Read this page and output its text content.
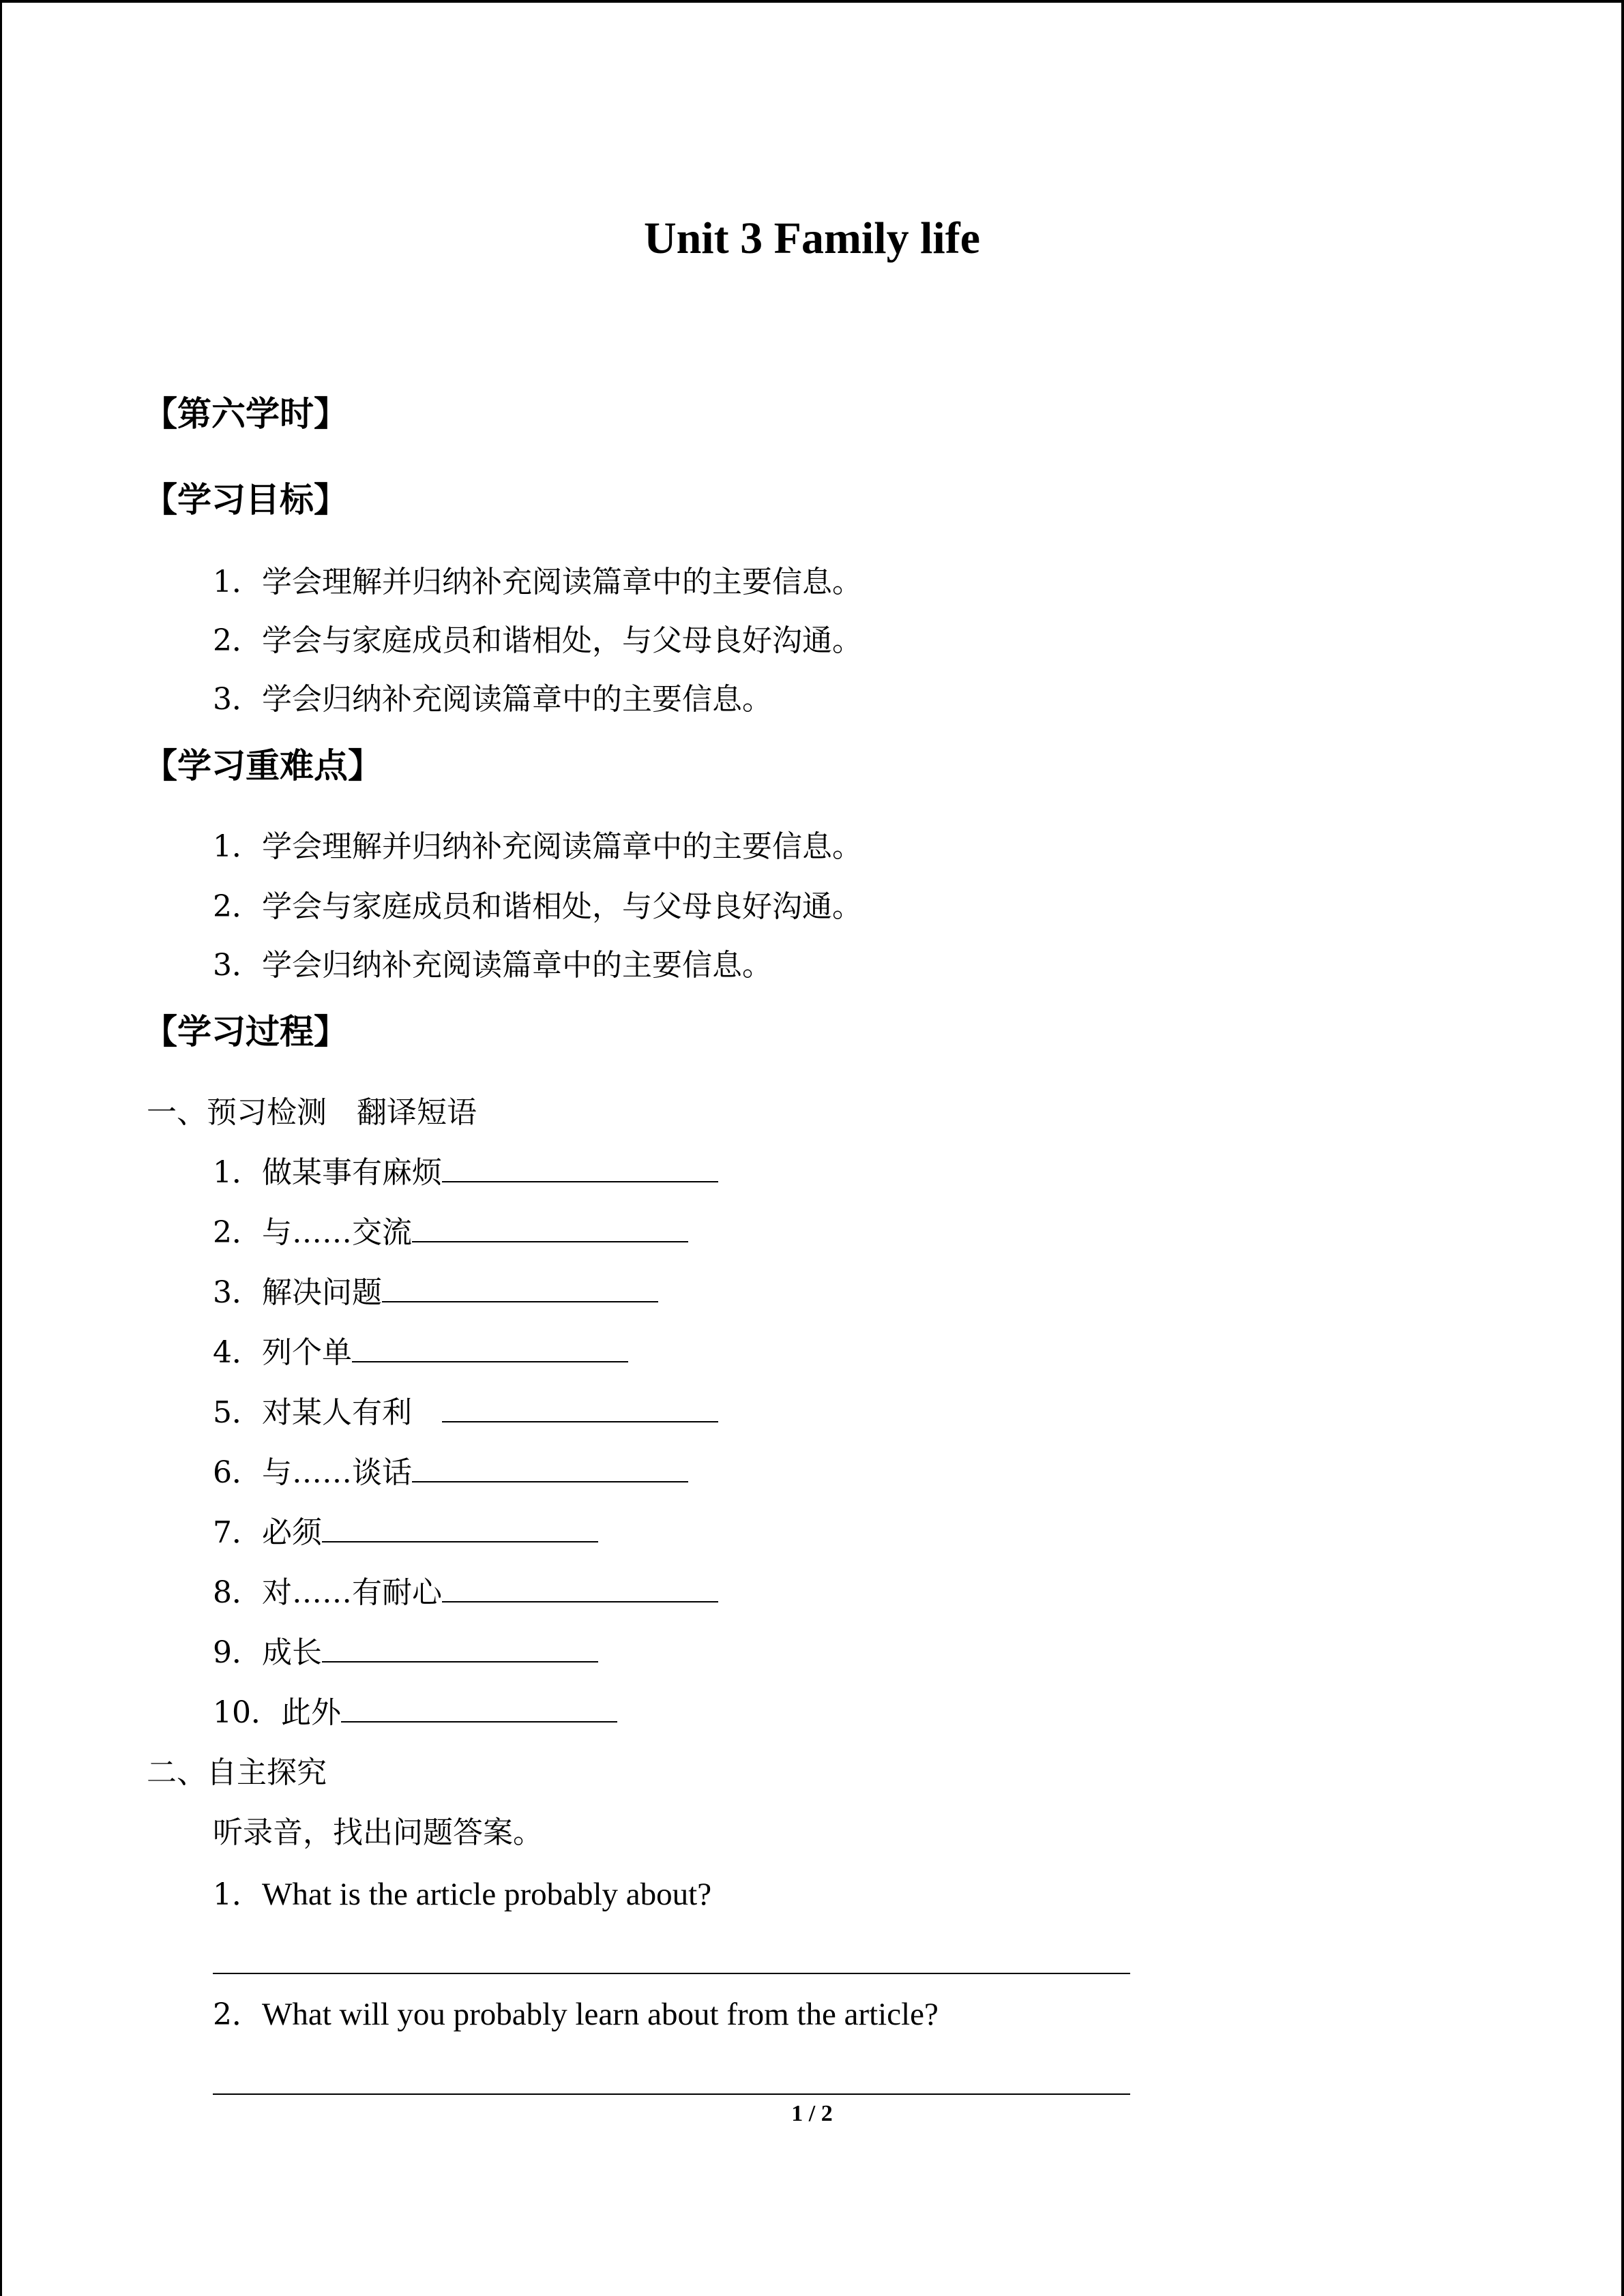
Unit 3 Family life
【第六学时】
【学习目标】
1．学会理解并归纳补充阅读篇章中的主要信息。
2．学会与家庭成员和谐相处，与父母良好沟通。
3．学会归纳补充阅读篇章中的主要信息。
【学习重难点】
1．学会理解并归纳补充阅读篇章中的主要信息。
2．学会与家庭成员和谐相处，与父母良好沟通。
3．学会归纳补充阅读篇章中的主要信息。
【学习过程】
一、预习检测 翻译短语
1．做某事有麻烦
2．与……交流
3．解决问题
4．列个单
5．对某人有利
6．与……谈话
7．必须
8．对……有耐心
9．成长
10．此外
二、自主探究
听录音，找出问题答案。
1．What is the article probably about?
2．What will you probably learn about from the article?
1 / 2
